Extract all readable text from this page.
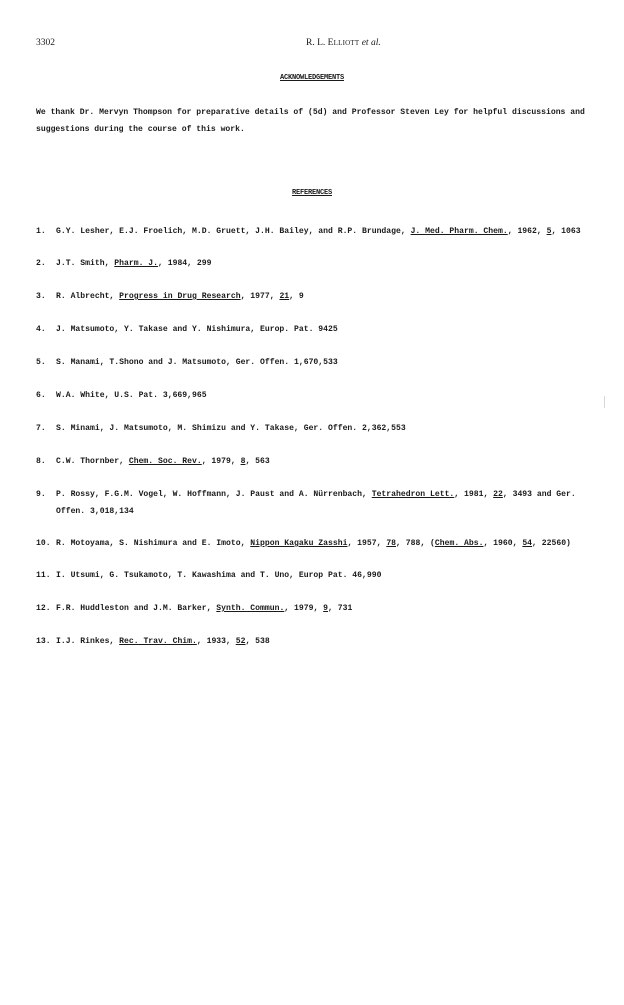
3302	R. L. Elliott et al.
ACKNOWLEDGEMENTS

We thank Dr. Mervyn Thompson for preparative details of (5d) and Professor Steven Ley for helpful discussions and suggestions during the course of this work.

REFERENCES
1.	G.Y. Lesher, E.J. Froelich, M.D. Gruett, J.H. Bailey, and R.P. Brundage, J. Med. Pharm. Chem., 1962, 5, 1063
2.	J.T. Smith, Pharm. J., 1984, 299
3.	R. Albrecht, Progress in Drug Research, 1977, 21, 9
4.	J. Matsumoto, Y. Takase and Y. Nishimura, Europ. Pat. 9425
5.	S. Manami, T.Shono and J. Matsumoto, Ger. Offen. 1,670,533
6.	W.A. White, U.S. Pat. 3,669,965
7.	S. Minami, J. Matsumoto, M. Shimizu and Y. Takase, Ger. Offen. 2,362,553
8.	C.W. Thornber, Chem. Soc. Rev., 1979, 8, 563
9.	P. Rossy, F.G.M. Vogel, W. Hoffmann, J. Paust and A. Nürrenbach, Tetrahedron Lett., 1981, 22, 3493 and Ger. Offen. 3,018,134
10. R. Motoyama, S. Nishimura and E. Imoto, Nippon Kagaku Zasshi, 1957, 78, 788, (Chem. Abs., 1960, 54, 22560)
11. I. Utsumi, G. Tsukamoto, T. Kawashima and T. Uno, Europ Pat. 46,990
12. F.R. Huddleston and J.M. Barker, Synth. Commun., 1979, 9, 731
13. I.J. Rinkes, Rec. Trav. Chim., 1933, 52, 538
